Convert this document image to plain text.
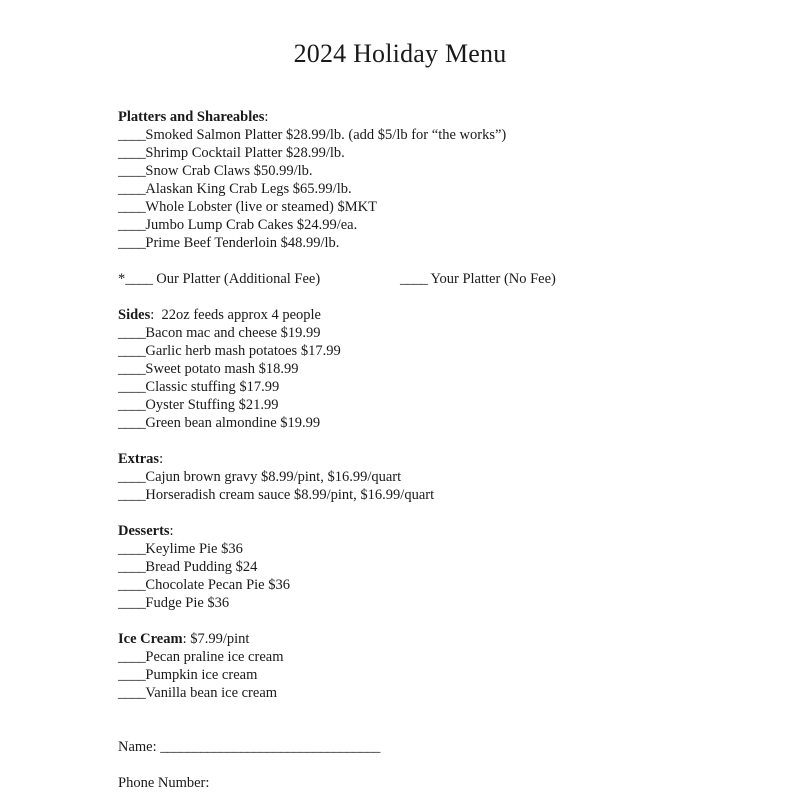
2024 Holiday Menu
Platters and Shareables:
____Smoked Salmon Platter $28.99/lb. (add $5/lb for “the works”)
____Shrimp Cocktail Platter $28.99/lb.
____Snow Crab Claws $50.99/lb.
____Alaskan King Crab Legs $65.99/lb.
____Whole Lobster (live or steamed) $MKT
____Jumbo Lump Crab Cakes $24.99/ea.
____Prime Beef Tenderloin $48.99/lb.
*____ Our Platter (Additional Fee)	____ Your Platter (No Fee)
Sides:  22oz feeds approx 4 people
____Bacon mac and cheese $19.99
____Garlic herb mash potatoes $17.99
____Sweet potato mash $18.99
____Classic stuffing $17.99
____Oyster Stuffing $21.99
____Green bean almondine $19.99
Extras:
____Cajun brown gravy $8.99/pint, $16.99/quart
____Horseradish cream sauce $8.99/pint, $16.99/quart
Desserts:
____Keylime Pie $36
____Bread Pudding $24
____Chocolate Pecan Pie $36
____Fudge Pie $36
Ice Cream: $7.99/pint
____Pecan praline ice cream
____Pumpkin ice cream
____Vanilla bean ice cream

Name: _________________________________

Phone Number:
